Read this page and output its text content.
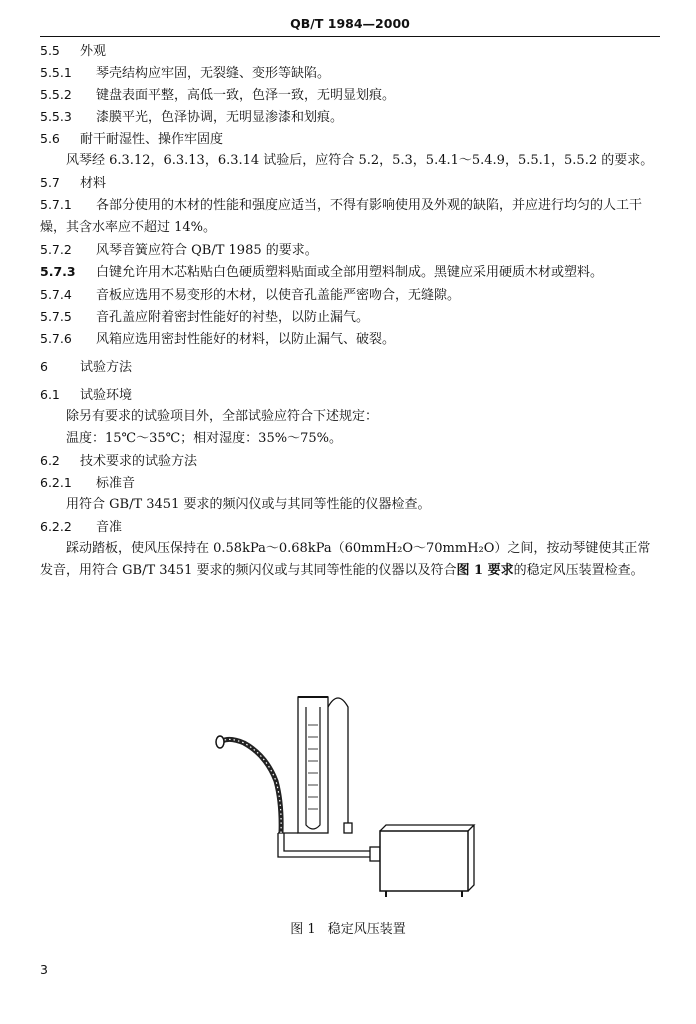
QB/T 1984—2000
5.5 外观
5.5.1 琴壳结构应牢固，无裂缝、变形等缺陷。
5.5.2 键盘表面平整，高低一致，色泽一致，无明显划痕。
5.5.3 漆膜平光，色泽协调，无明显渗漆和划痕。
5.6 耐干耐湿性、操作牢固度
风琴经 6.3.12，6.3.13，6.3.14 试验后，应符合 5.2，5.3，5.4.1～5.4.9，5.5.1，5.5.2 的要求。
5.7 材料
5.7.1 各部分使用的木材的性能和强度应适当，不得有影响使用及外观的缺陷，并应进行均匀的人工干燥，其含水率应不超过 14%。
5.7.2 风琴音簧应符合 QB/T 1985 的要求。
5.7.3 白键允许用木芯粘贴白色硬质塑料贴面或全部用塑料制成。黑键应采用硬质木材或塑料。
5.7.4 音板应选用不易变形的木材，以使音孔盖能严密吻合，无缝隙。
5.7.5 音孔盖应附着密封性能好的衬垫，以防止漏气。
5.7.6 风箱应选用密封性能好的材料，以防止漏气、破裂。
6 试验方法
6.1 试验环境
除另有要求的试验项目外，全部试验应符合下述规定：
温度：15℃～35℃；相对湿度：35%～75%。
6.2 技术要求的试验方法
6.2.1 标准音
用符合 GB/T 3451 要求的频闪仪或与其同等性能的仪器检查。
6.2.2 音准
踩动踏板，使风压保持在 0.58kPa～0.68kPa（60mmH₂O～70mmH₂O）之间，按动琴键使其正常发音，用符合 GB/T 3451 要求的频闪仪或与其同等性能的仪器以及符合图 1 要求的稳定风压装置检查。
图 1 稳定风压装置
3
